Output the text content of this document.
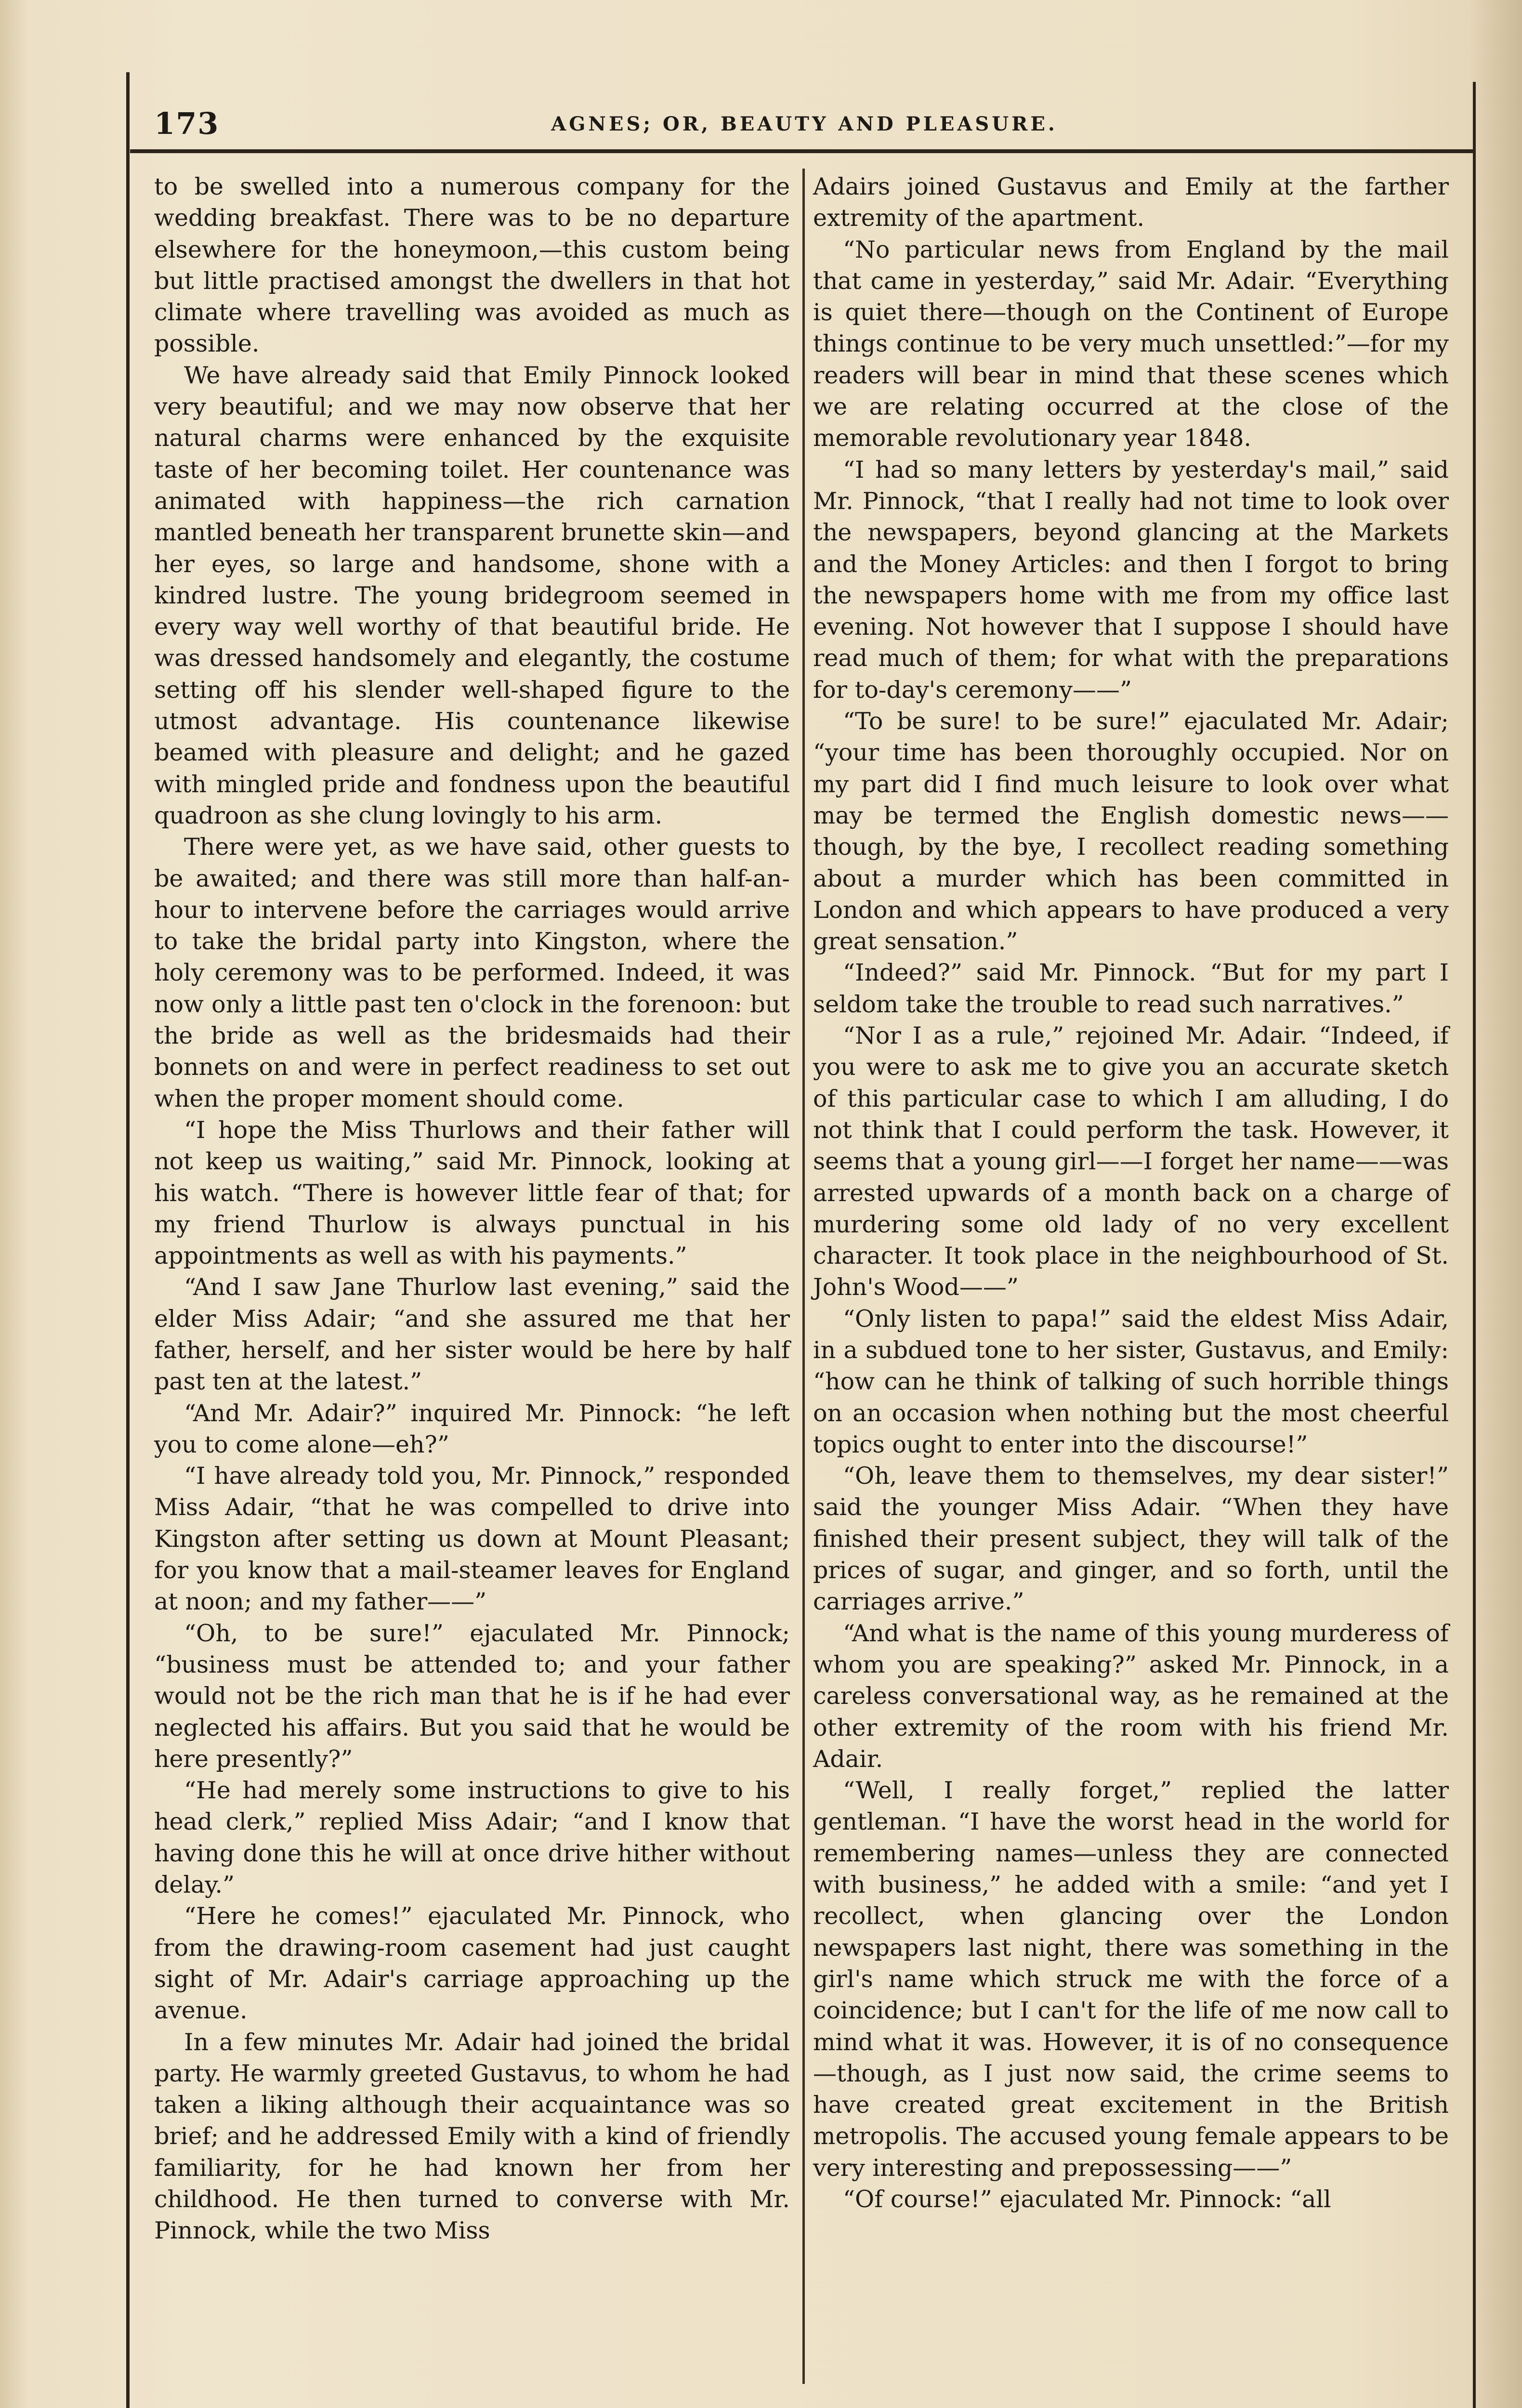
173	AGNES; OR, BEAUTY AND PLEASURE.

to be swelled into a numerous company for the wedding breakfast. There was to be no departure elsewhere for the honeymoon,—this custom being but little practised amongst the dwellers in that hot climate where travelling was avoided as much as possible.

We have already said that Emily Pinnock looked very beautiful; and we may now observe that her natural charms were enhanced by the exquisite taste of her becoming toilet. Her countenance was animated with happiness—the rich carnation mantled beneath her transparent brunette skin—and her eyes, so large and handsome, shone with a kindred lustre. The young bridegroom seemed in every way well worthy of that beautiful bride. He was dressed handsomely and elegantly, the costume setting off his slender well-shaped figure to the utmost advantage. His countenance likewise beamed with pleasure and delight; and he gazed with mingled pride and fondness upon the beautiful quadroon as she clung lovingly to his arm.

There were yet, as we have said, other guests to be awaited; and there was still more than half-an-hour to intervene before the carriages would arrive to take the bridal party into Kingston, where the holy ceremony was to be performed. Indeed, it was now only a little past ten o'clock in the forenoon: but the bride as well as the bridesmaids had their bonnets on and were in perfect readiness to set out when the proper moment should come.

“I hope the Miss Thurlows and their father will not keep us waiting,” said Mr. Pinnock, looking at his watch. “There is however little fear of that; for my friend Thurlow is always punctual in his appointments as well as with his payments.”

“And I saw Jane Thurlow last evening,” said the elder Miss Adair; “and she assured me that her father, herself, and her sister would be here by half past ten at the latest.”

“And Mr. Adair?” inquired Mr. Pinnock: “he left you to come alone—eh?”

“I have already told you, Mr. Pinnock,” responded Miss Adair, “that he was compelled to drive into Kingston after setting us down at Mount Pleasant; for you know that a mail-steamer leaves for England at noon; and my father——”

“Oh, to be sure!” ejaculated Mr. Pinnock; “business must be attended to; and your father would not be the rich man that he is if he had ever neglected his affairs. But you said that he would be here presently?”

“He had merely some instructions to give to his head clerk,” replied Miss Adair; “and I know that having done this he will at once drive hither without delay.”

“Here he comes!” ejaculated Mr. Pinnock, who from the drawing-room casement had just caught sight of Mr. Adair's carriage approaching up the avenue.

In a few minutes Mr. Adair had joined the bridal party. He warmly greeted Gustavus, to whom he had taken a liking although their acquaintance was so brief; and he addressed Emily with a kind of friendly familiarity, for he had known her from her childhood. He then turned to converse with Mr. Pinnock, while the two Miss

Adairs joined Gustavus and Emily at the farther extremity of the apartment.

“No particular news from England by the mail that came in yesterday,” said Mr. Adair. “Everything is quiet there—though on the Continent of Europe things continue to be very much unsettled:”—for my readers will bear in mind that these scenes which we are relating occurred at the close of the memorable revolutionary year 1848.

“I had so many letters by yesterday's mail,” said Mr. Pinnock, “that I really had not time to look over the newspapers, beyond glancing at the Markets and the Money Articles: and then I forgot to bring the newspapers home with me from my office last evening. Not however that I suppose I should have read much of them; for what with the preparations for to-day's ceremony——”

“To be sure! to be sure!” ejaculated Mr. Adair; “your time has been thoroughly occupied. Nor on my part did I find much leisure to look over what may be termed the English domestic news——though, by the bye, I recollect reading something about a murder which has been committed in London and which appears to have produced a very great sensation.”

“Indeed?” said Mr. Pinnock. “But for my part I seldom take the trouble to read such narratives.”

“Nor I as a rule,” rejoined Mr. Adair. “Indeed, if you were to ask me to give you an accurate sketch of this particular case to which I am alluding, I do not think that I could perform the task. However, it seems that a young girl——I forget her name——was arrested upwards of a month back on a charge of murdering some old lady of no very excellent character. It took place in the neighbourhood of St. John's Wood——”

“Only listen to papa!” said the eldest Miss Adair, in a subdued tone to her sister, Gustavus, and Emily: “how can he think of talking of such horrible things on an occasion when nothing but the most cheerful topics ought to enter into the discourse!”

“Oh, leave them to themselves, my dear sister!” said the younger Miss Adair. “When they have finished their present subject, they will talk of the prices of sugar, and ginger, and so forth, until the carriages arrive.”

“And what is the name of this young murderess of whom you are speaking?” asked Mr. Pinnock, in a careless conversational way, as he remained at the other extremity of the room with his friend Mr. Adair.

“Well, I really forget,” replied the latter gentleman. “I have the worst head in the world for remembering names—unless they are connected with business,” he added with a smile: “and yet I recollect, when glancing over the London newspapers last night, there was something in the girl's name which struck me with the force of a coincidence; but I can't for the life of me now call to mind what it was. However, it is of no consequence—though, as I just now said, the crime seems to have created great excitement in the British metropolis. The accused young female appears to be very interesting and prepossessing——”

“Of course!” ejaculated Mr. Pinnock: “all
